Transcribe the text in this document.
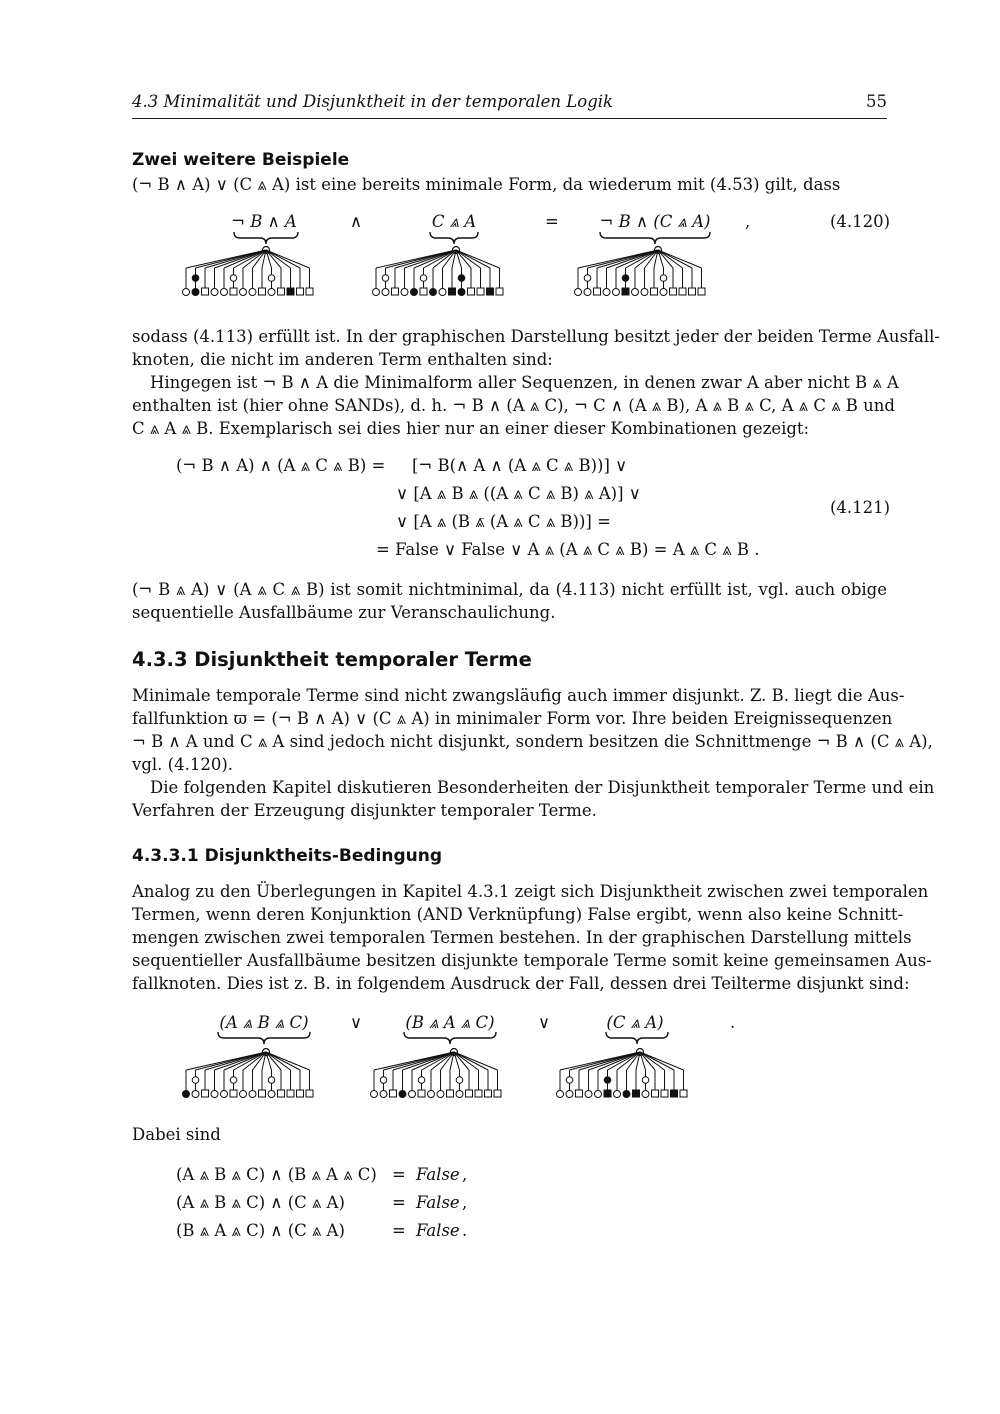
4.3 Minimalität und Disjunktheit in der temporalen Logik	55
Zwei weitere Beispiele
(¬ B ∧ A) ∨ (C ⩓ A) ist eine bereits minimale Form, da wiederum mit (4.53) gilt, dass
¬ B ∧ A	∧	C ⩓ A	=	¬ B ∧ (C ⩓ A)	,	(4.120)
sodass (4.113) erfüllt ist. In der graphischen Darstellung besitzt jeder der beiden Terme Ausfall-
knoten, die nicht im anderen Term enthalten sind:
Hingegen ist ¬ B ∧ A die Minimalform aller Sequenzen, in denen zwar A aber nicht B ⩓ A
enthalten ist (hier ohne SANDs), d. h. ¬ B ∧ (A ⩓ C), ¬ C ∧ (A ⩓ B), A ⩓ B ⩓ C, A ⩓ C ⩓ B und
C ⩓ A ⩓ B. Exemplarisch sei dies hier nur an einer dieser Kombinationen gezeigt:
(¬ B ∧ A) ∧ (A ⩓ C ⩓ B) = [¬ B(∧ A ∧ (A ⩓ C ⩓ B))] ∨
∨ [A ⩓ B ⩓ ((A ⩓ C ⩓ B) ⩓ A)] ∨
∨ [A ⩓ (B ⩓̄ (A ⩓ C ⩓ B))] =
= False ∨ False ∨ A ⩓ (A ⩓ C ⩓ B) = A ⩓ C ⩓ B .
(4.121)
(¬ B ⩓ A) ∨ (A ⩓ C ⩓ B) ist somit nichtminimal, da (4.113) nicht erfüllt ist, vgl. auch obige
sequentielle Ausfallbäume zur Veranschaulichung.
4.3.3 Disjunktheit temporaler Terme
Minimale temporale Terme sind nicht zwangsläufig auch immer disjunkt. Z. B. liegt die Aus-
fallfunktion ϖ = (¬ B ∧ A) ∨ (C ⩓ A) in minimaler Form vor. Ihre beiden Ereignissequenzen
¬ B ∧ A und C ⩓ A sind jedoch nicht disjunkt, sondern besitzen die Schnittmenge ¬ B ∧ (C ⩓ A),
vgl. (4.120).
Die folgenden Kapitel diskutieren Besonderheiten der Disjunktheit temporaler Terme und ein
Verfahren der Erzeugung disjunkter temporaler Terme.
4.3.3.1 Disjunktheits-Bedingung
Analog zu den Überlegungen in Kapitel 4.3.1 zeigt sich Disjunktheit zwischen zwei temporalen
Termen, wenn deren Konjunktion (AND Verknüpfung) False ergibt, wenn also keine Schnitt-
mengen zwischen zwei temporalen Termen bestehen. In der graphischen Darstellung mittels
sequentieller Ausfallbäume besitzen disjunkte temporale Terme somit keine gemeinsamen Aus-
fallknoten. Dies ist z. B. in folgendem Ausdruck der Fall, dessen drei Teilterme disjunkt sind:
(A ⩓ B ⩓ C)	∨	(B ⩓ A ⩓ C)	∨	(C ⩓ A)	.
Dabei sind
(A ⩓ B ⩓ C) ∧ (B ⩓ A ⩓ C) = False ,
(A ⩓ B ⩓ C) ∧ (C ⩓ A)	= False ,
(B ⩓ A ⩓ C) ∧ (C ⩓ A)	= False .
